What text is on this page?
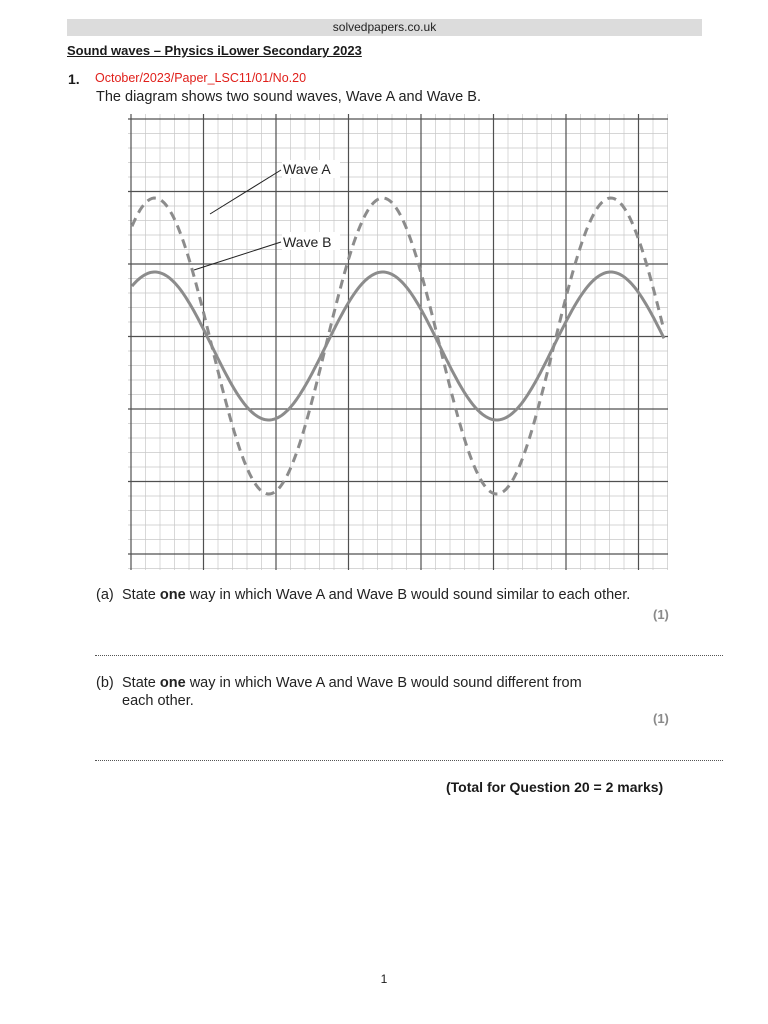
solvedpapers.co.uk
Sound waves – Physics iLower Secondary 2023
1. October/2023/Paper_LSC11/01/No.20
The diagram shows two sound waves, Wave A and Wave B.
Wave A
Wave B
(a) State one way in which Wave A and Wave B would sound similar to each other.
(1)
(b) State one way in which Wave A and Wave B would sound different from
each other.
(1)
(Total for Question 20 = 2 marks)
1
